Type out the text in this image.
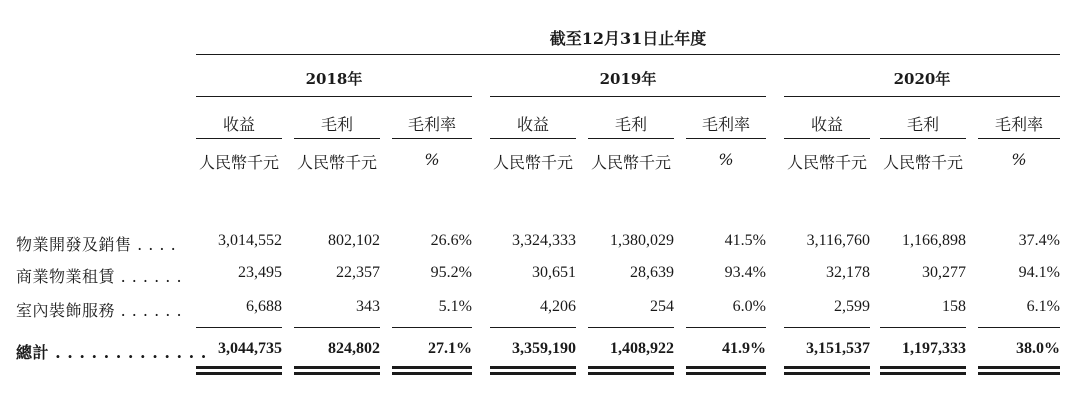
截至12月31日止年度
2018年	2019年	2020年
收益	毛利	毛利率	收益	毛利	毛利率	收益	毛利	毛利率
人民幣千元 人民幣千元	%	人民幣千元 人民幣千元	%	人民幣千元 人民幣千元	%
物業開發及銷售 . . . .	3,014,552	802,102	26.6%	3,324,333	1,380,029	41.5%	3,116,760	1,166,898	37.4%
商業物業租賃 . . . . . .	23,495	22,357	95.2%	30,651	28,639	93.4%	32,178	30,277	94.1%
室內裝飾服務 . . . . . .	6,688	343	5.1%	4,206	254	6.0%	2,599	158	6.1%
總計 . . . . . . . . . . . . . 3,044,735	824,802	27.1%	3,359,190	1,408,922	41.9%	3,151,537	1,197,333	38.0%
